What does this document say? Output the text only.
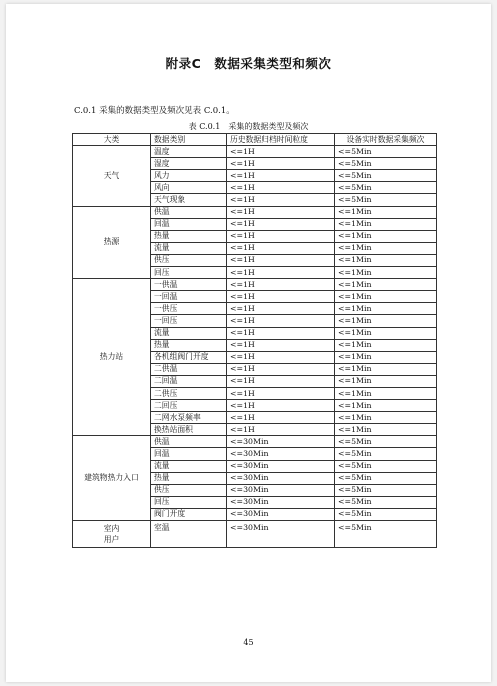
附录C　数据采集类型和频次
C.0.1 采集的数据类型及频次见表 C.0.1。
表 C.0.1　采集的数据类型及频次
大类	数据类别	历史数据归档时间粒度	设备实时数据采集频次
天气	温度	<=1H	<=5Min
	湿度	<=1H	<=5Min
	风力	<=1H	<=5Min
	风向	<=1H	<=5Min
	天气现象	<=1H	<=5Min
热源	供温	<=1H	<=1Min
	回温	<=1H	<=1Min
	热量	<=1H	<=1Min
	流量	<=1H	<=1Min
	供压	<=1H	<=1Min
	回压	<=1H	<=1Min
热力站	一供温	<=1H	<=1Min
	一回温	<=1H	<=1Min
	一供压	<=1H	<=1Min
	一回压	<=1H	<=1Min
	流量	<=1H	<=1Min
	热量	<=1H	<=1Min
	各机组阀门开度	<=1H	<=1Min
	二供温	<=1H	<=1Min
	二回温	<=1H	<=1Min
	二供压	<=1H	<=1Min
	二回压	<=1H	<=1Min
	二网水泵频率	<=1H	<=1Min
	换热站面积	<=1H	<=1Min
建筑物热力入口	供温	<=30Min	<=5Min
	回温	<=30Min	<=5Min
	流量	<=30Min	<=5Min
	热量	<=30Min	<=5Min
	供压	<=30Min	<=5Min
	回压	<=30Min	<=5Min
	阀门开度	<=30Min	<=5Min
室内
用户	室温	<=30Min	<=5Min
45
